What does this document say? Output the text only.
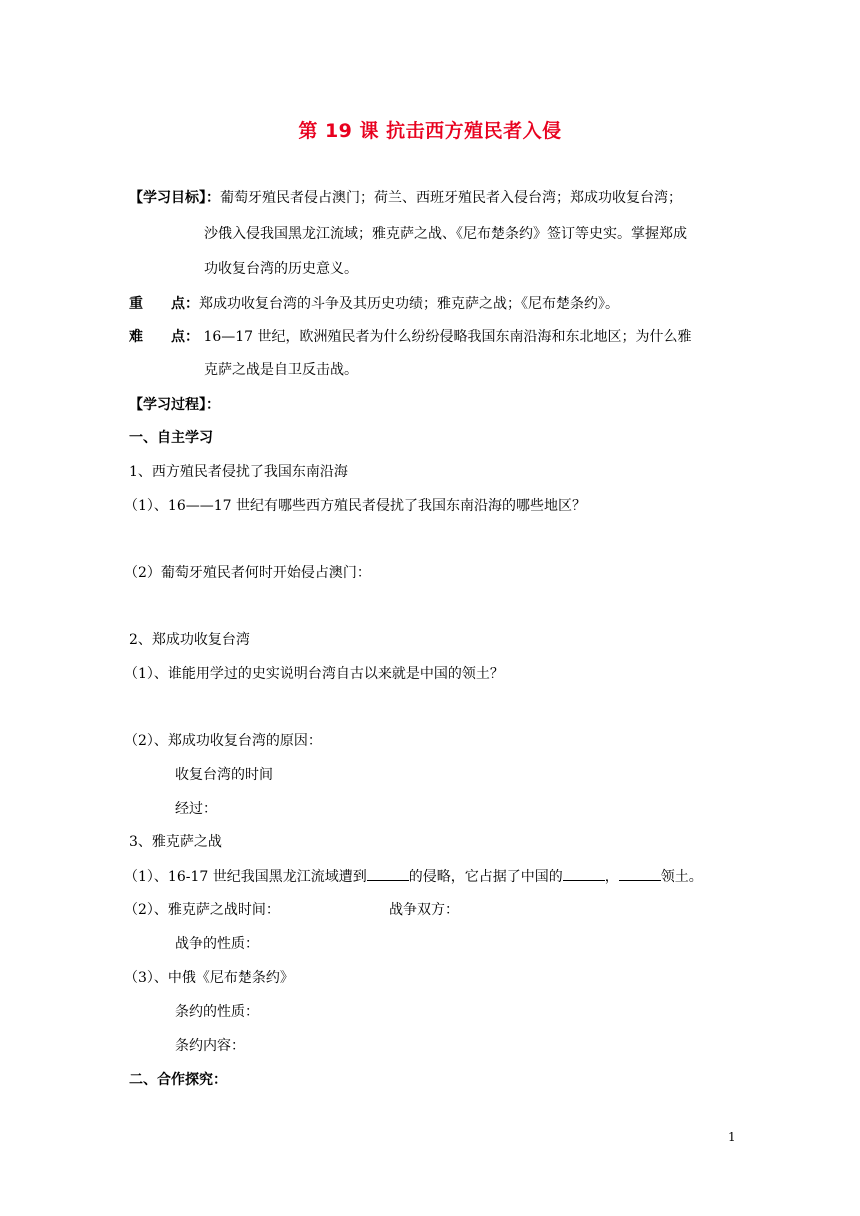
第 19 课 抗击西方殖民者入侵
【学习目标】：葡萄牙殖民者侵占澳门；荷兰、西班牙殖民者入侵台湾；郑成功收复台湾；
沙俄入侵我国黑龙江流域；雅克萨之战、《尼布楚条约》签订等史实。掌握郑成
功收复台湾的历史意义。
重　　点：郑成功收复台湾的斗争及其历史功绩；雅克萨之战；《尼布楚条约》。
难　　点： 16—17 世纪，欧洲殖民者为什么纷纷侵略我国东南沿海和东北地区；为什么雅
克萨之战是自卫反击战。
【学习过程】：
一、自主学习
1、西方殖民者侵扰了我国东南沿海
（1）、16——17 世纪有哪些西方殖民者侵扰了我国东南沿海的哪些地区？
（2）葡萄牙殖民者何时开始侵占澳门：
2、郑成功收复台湾
（1）、谁能用学过的史实说明台湾自古以来就是中国的领土？
（2）、郑成功收复台湾的原因：
收复台湾的时间
经过：
3、雅克萨之战
（1）、16-17 世纪我国黑龙江流域遭到	的侵略，它占据了中国的	，	领土。
（2）、雅克萨之战时间：	战争双方：
战争的性质：
（3）、中俄《尼布楚条约》
条约的性质：
条约内容：
二、合作探究：
1
